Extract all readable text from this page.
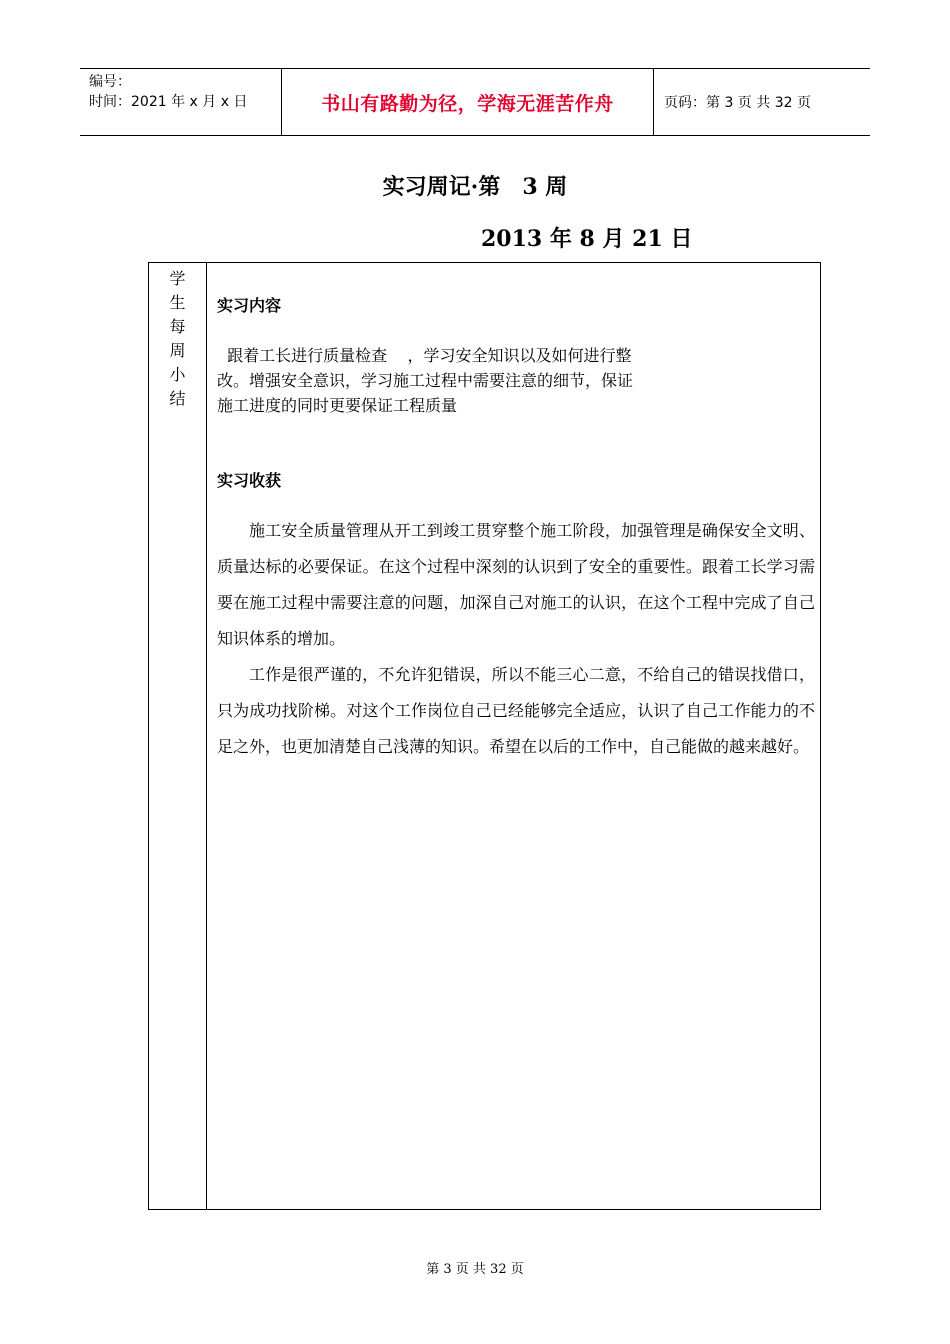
编号：
时间：2021 年 x 月 x 日	书山有路勤为径，学海无涯苦作舟	页码：第 3 页 共 32 页
实习周记·第　3 周
2013 年 8 月 21 日
学
生
每
周
小
结
实习内容
跟着工长进行质量检查    ，学习安全知识以及如何进行整
改。增强安全意识，学习施工过程中需要注意的细节，保证
施工进度的同时更要保证工程质量
实习收获

施工安全质量管理从开工到竣工贯穿整个施工阶段，加强管理是确保安全文明、质量达标的必要保证。在这个过程中深刻的认识到了安全的重要性。跟着工长学习需要在施工过程中需要注意的问题，加深自己对施工的认识，在这个工程中完成了自己知识体系的增加。

工作是很严谨的，不允许犯错误，所以不能三心二意，不给自己的错误找借口，只为成功找阶梯。对这个工作岗位自己已经能够完全适应，认识了自己工作能力的不足之外，也更加清楚自己浅薄的知识。希望在以后的工作中，自己能做的越来越好。

第 3 页 共 32 页
